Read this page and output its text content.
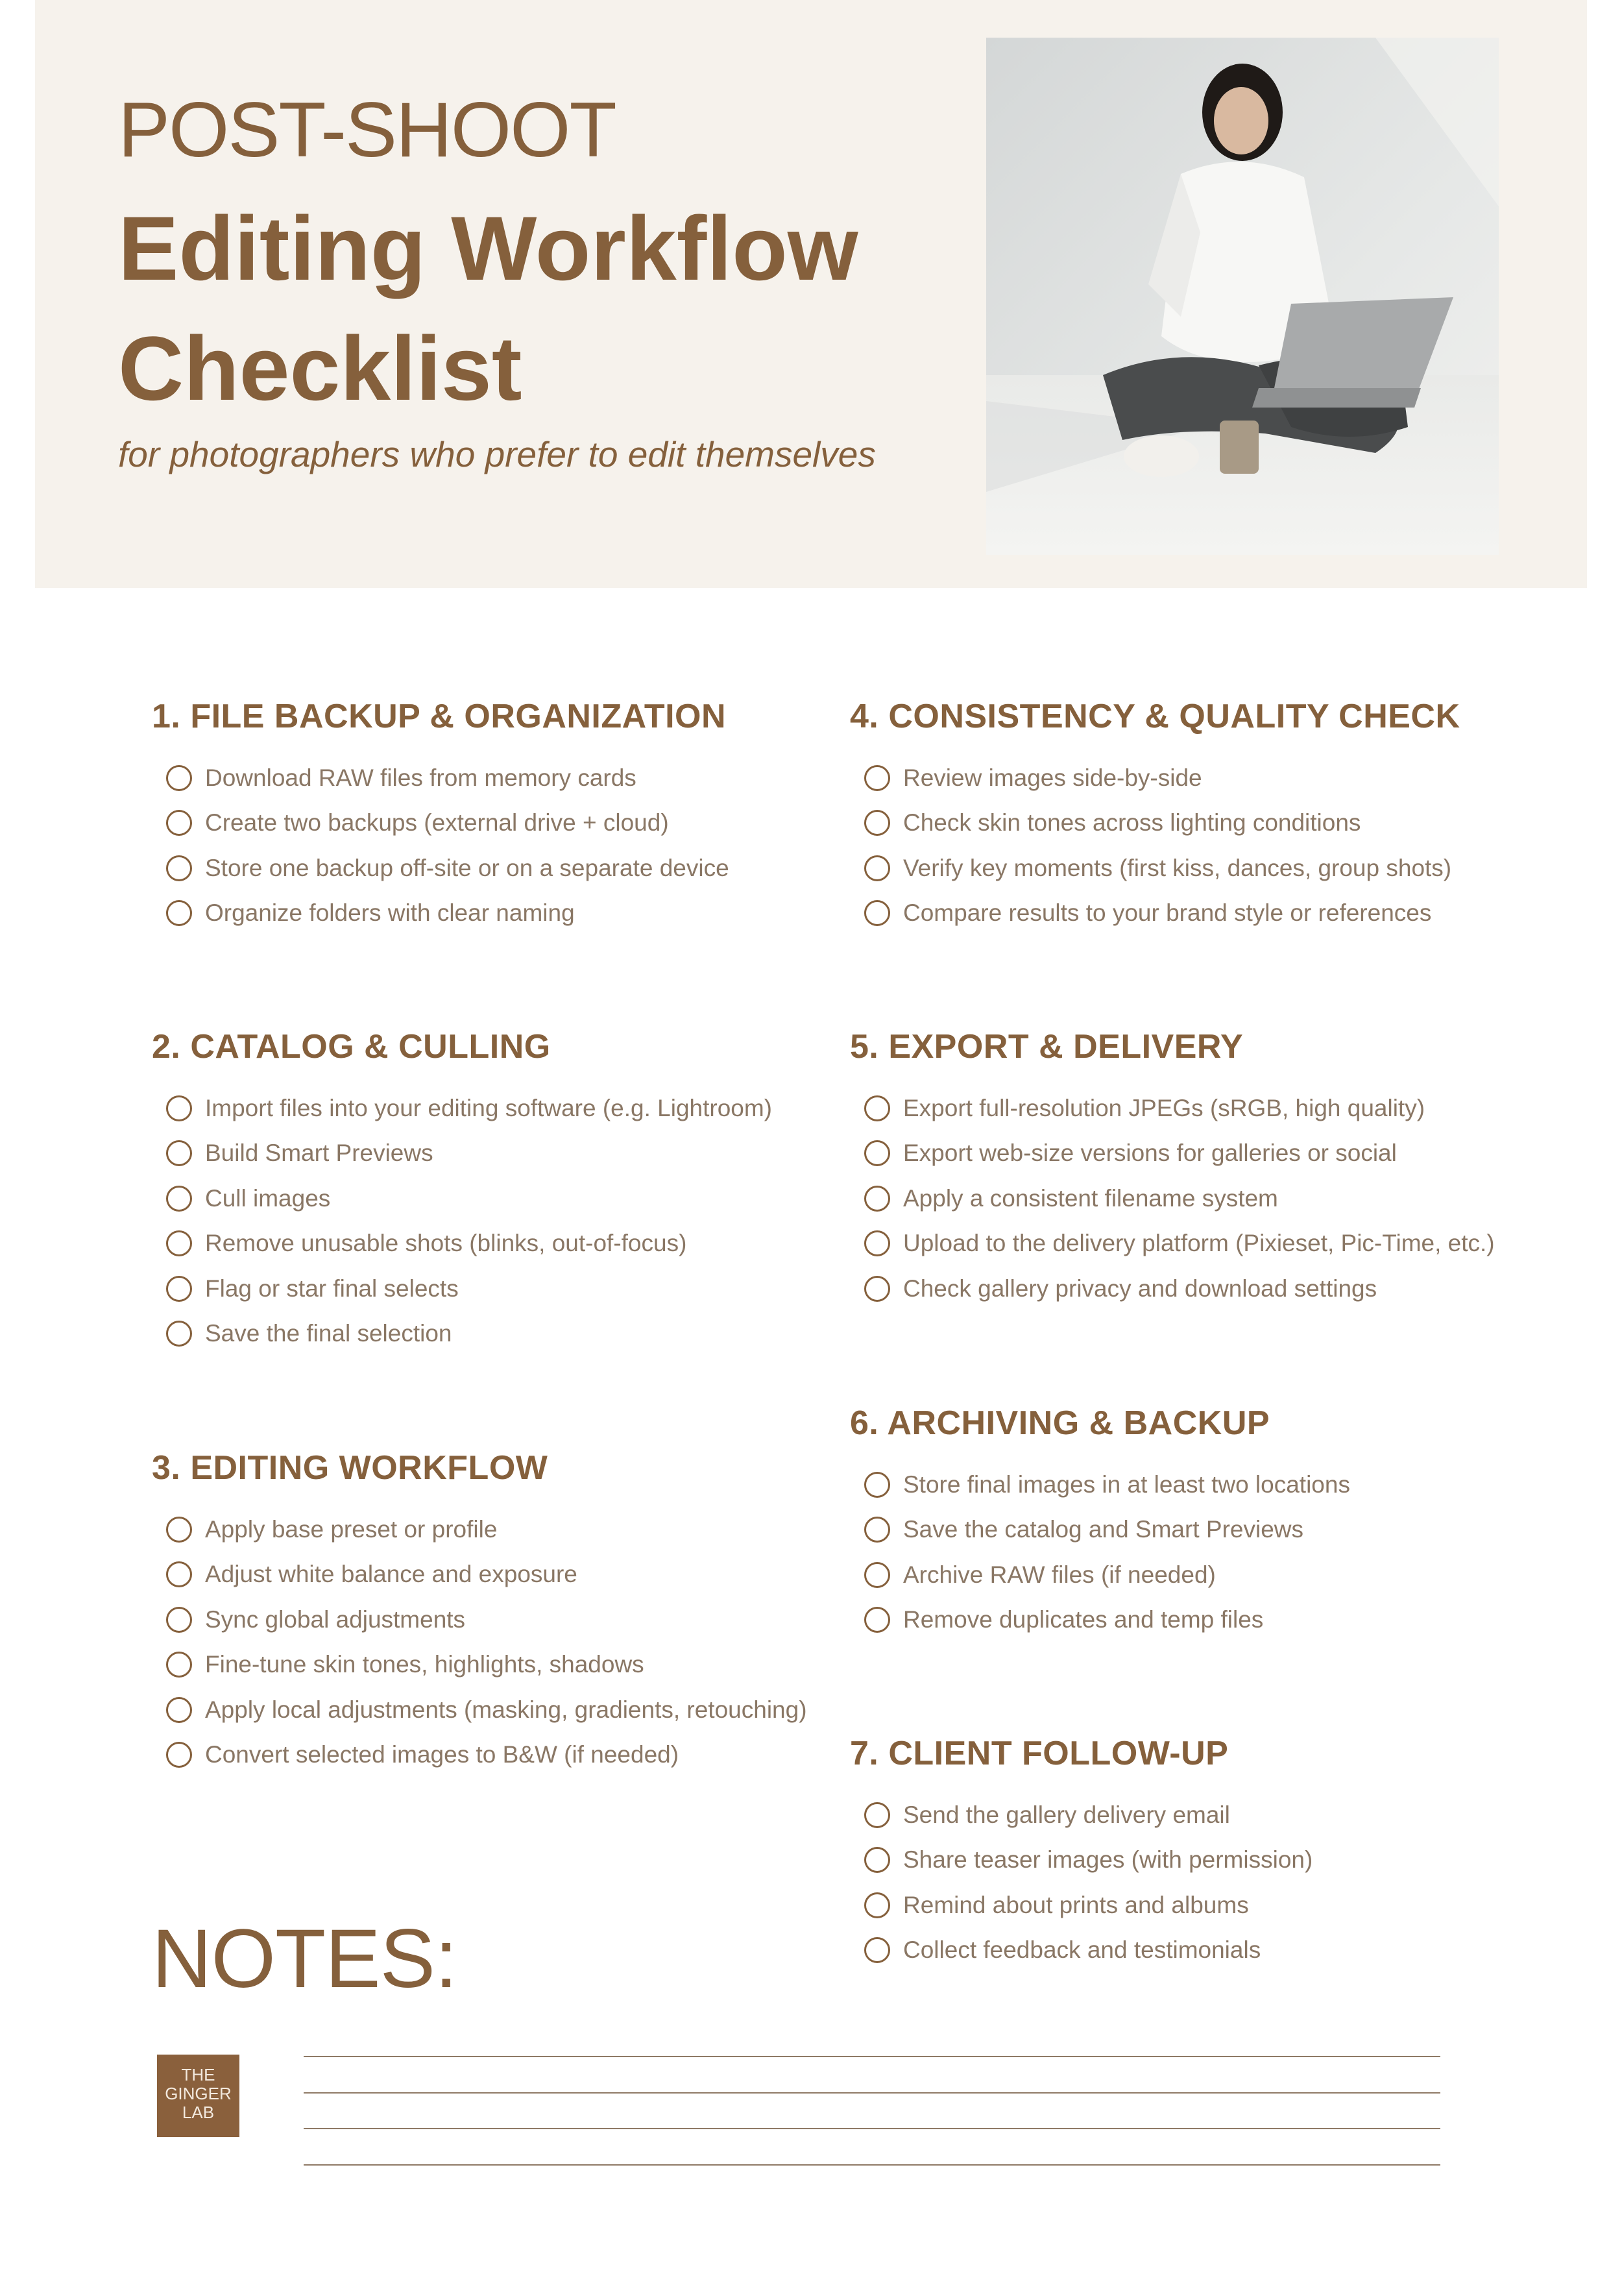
POST-SHOOT
Editing Workflow
Checklist
for photographers who prefer to edit themselves
1. FILE BACKUP & ORGANIZATION
Download RAW files from memory cards
Create two backups (external drive + cloud)
Store one backup off-site or on a separate device
Organize folders with clear naming
2. CATALOG & CULLING
Import files into your editing software (e.g. Lightroom)
Build Smart Previews
Cull images
Remove unusable shots (blinks, out-of-focus)
Flag or star final selects
Save the final selection
3. EDITING WORKFLOW
Apply base preset or profile
Adjust white balance and exposure
Sync global adjustments
Fine-tune skin tones, highlights, shadows
Apply local adjustments (masking, gradients, retouching)
Convert selected images to B&W (if needed)
4. CONSISTENCY & QUALITY CHECK
Review images side-by-side
Check skin tones across lighting conditions
Verify key moments (first kiss, dances, group shots)
Compare results to your brand style or references
5. EXPORT & DELIVERY
Export full-resolution JPEGs (sRGB, high quality)
Export web-size versions for galleries or social
Apply a consistent filename system
Upload to the delivery platform (Pixieset, Pic-Time, etc.)
Check gallery privacy and download settings
6. ARCHIVING & BACKUP
Store final images in at least two locations
Save the catalog and Smart Previews
Archive RAW files (if needed)
Remove duplicates and temp files
7. CLIENT FOLLOW-UP
Send the gallery delivery email
Share teaser images (with permission)
Remind about prints and albums
Collect feedback and testimonials
NOTES:
THE
GINGER
LAB
